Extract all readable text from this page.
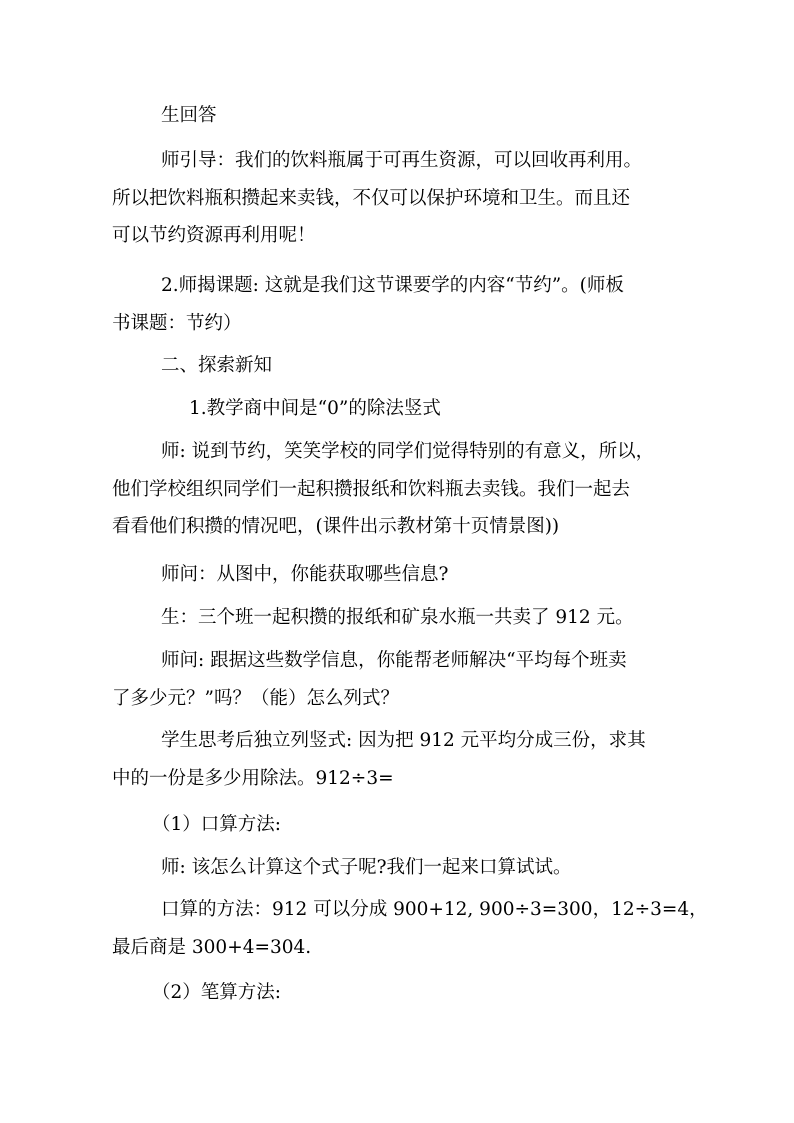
生回答
师引导：我们的饮料瓶属于可再生资源，可以回收再利用。
所以把饮料瓶积攒起来卖钱，不仅可以保护环境和卫生。而且还
可以节约资源再利用呢！
2.师揭课题: 这就是我们这节课要学的内容“节约”。(师板
书课题：节约）
二、探索新知
1.教学商中间是“0”的除法竖式
师: 说到节约，笑笑学校的同学们觉得特别的有意义，所以，
他们学校组织同学们一起积攒报纸和饮料瓶去卖钱。我们一起去
看看他们积攒的情况吧，(课件出示教材第十页情景图))
师问：从图中，你能获取哪些信息?
生：三个班一起积攒的报纸和矿泉水瓶一共卖了 912 元。
师问: 跟据这些数学信息，你能帮老师解决“平均每个班卖
了多少元？”吗？（能）怎么列式？
学生思考后独立列竖式: 因为把 912 元平均分成三份，求其
中的一份是多少用除法。912÷3=
（1）口算方法:
师: 该怎么计算这个式子呢?我们一起来口算试试。
口算的方法：912 可以分成 900+12, 900÷3=300，12÷3=4，
最后商是 300+4=304.
（2）笔算方法:
